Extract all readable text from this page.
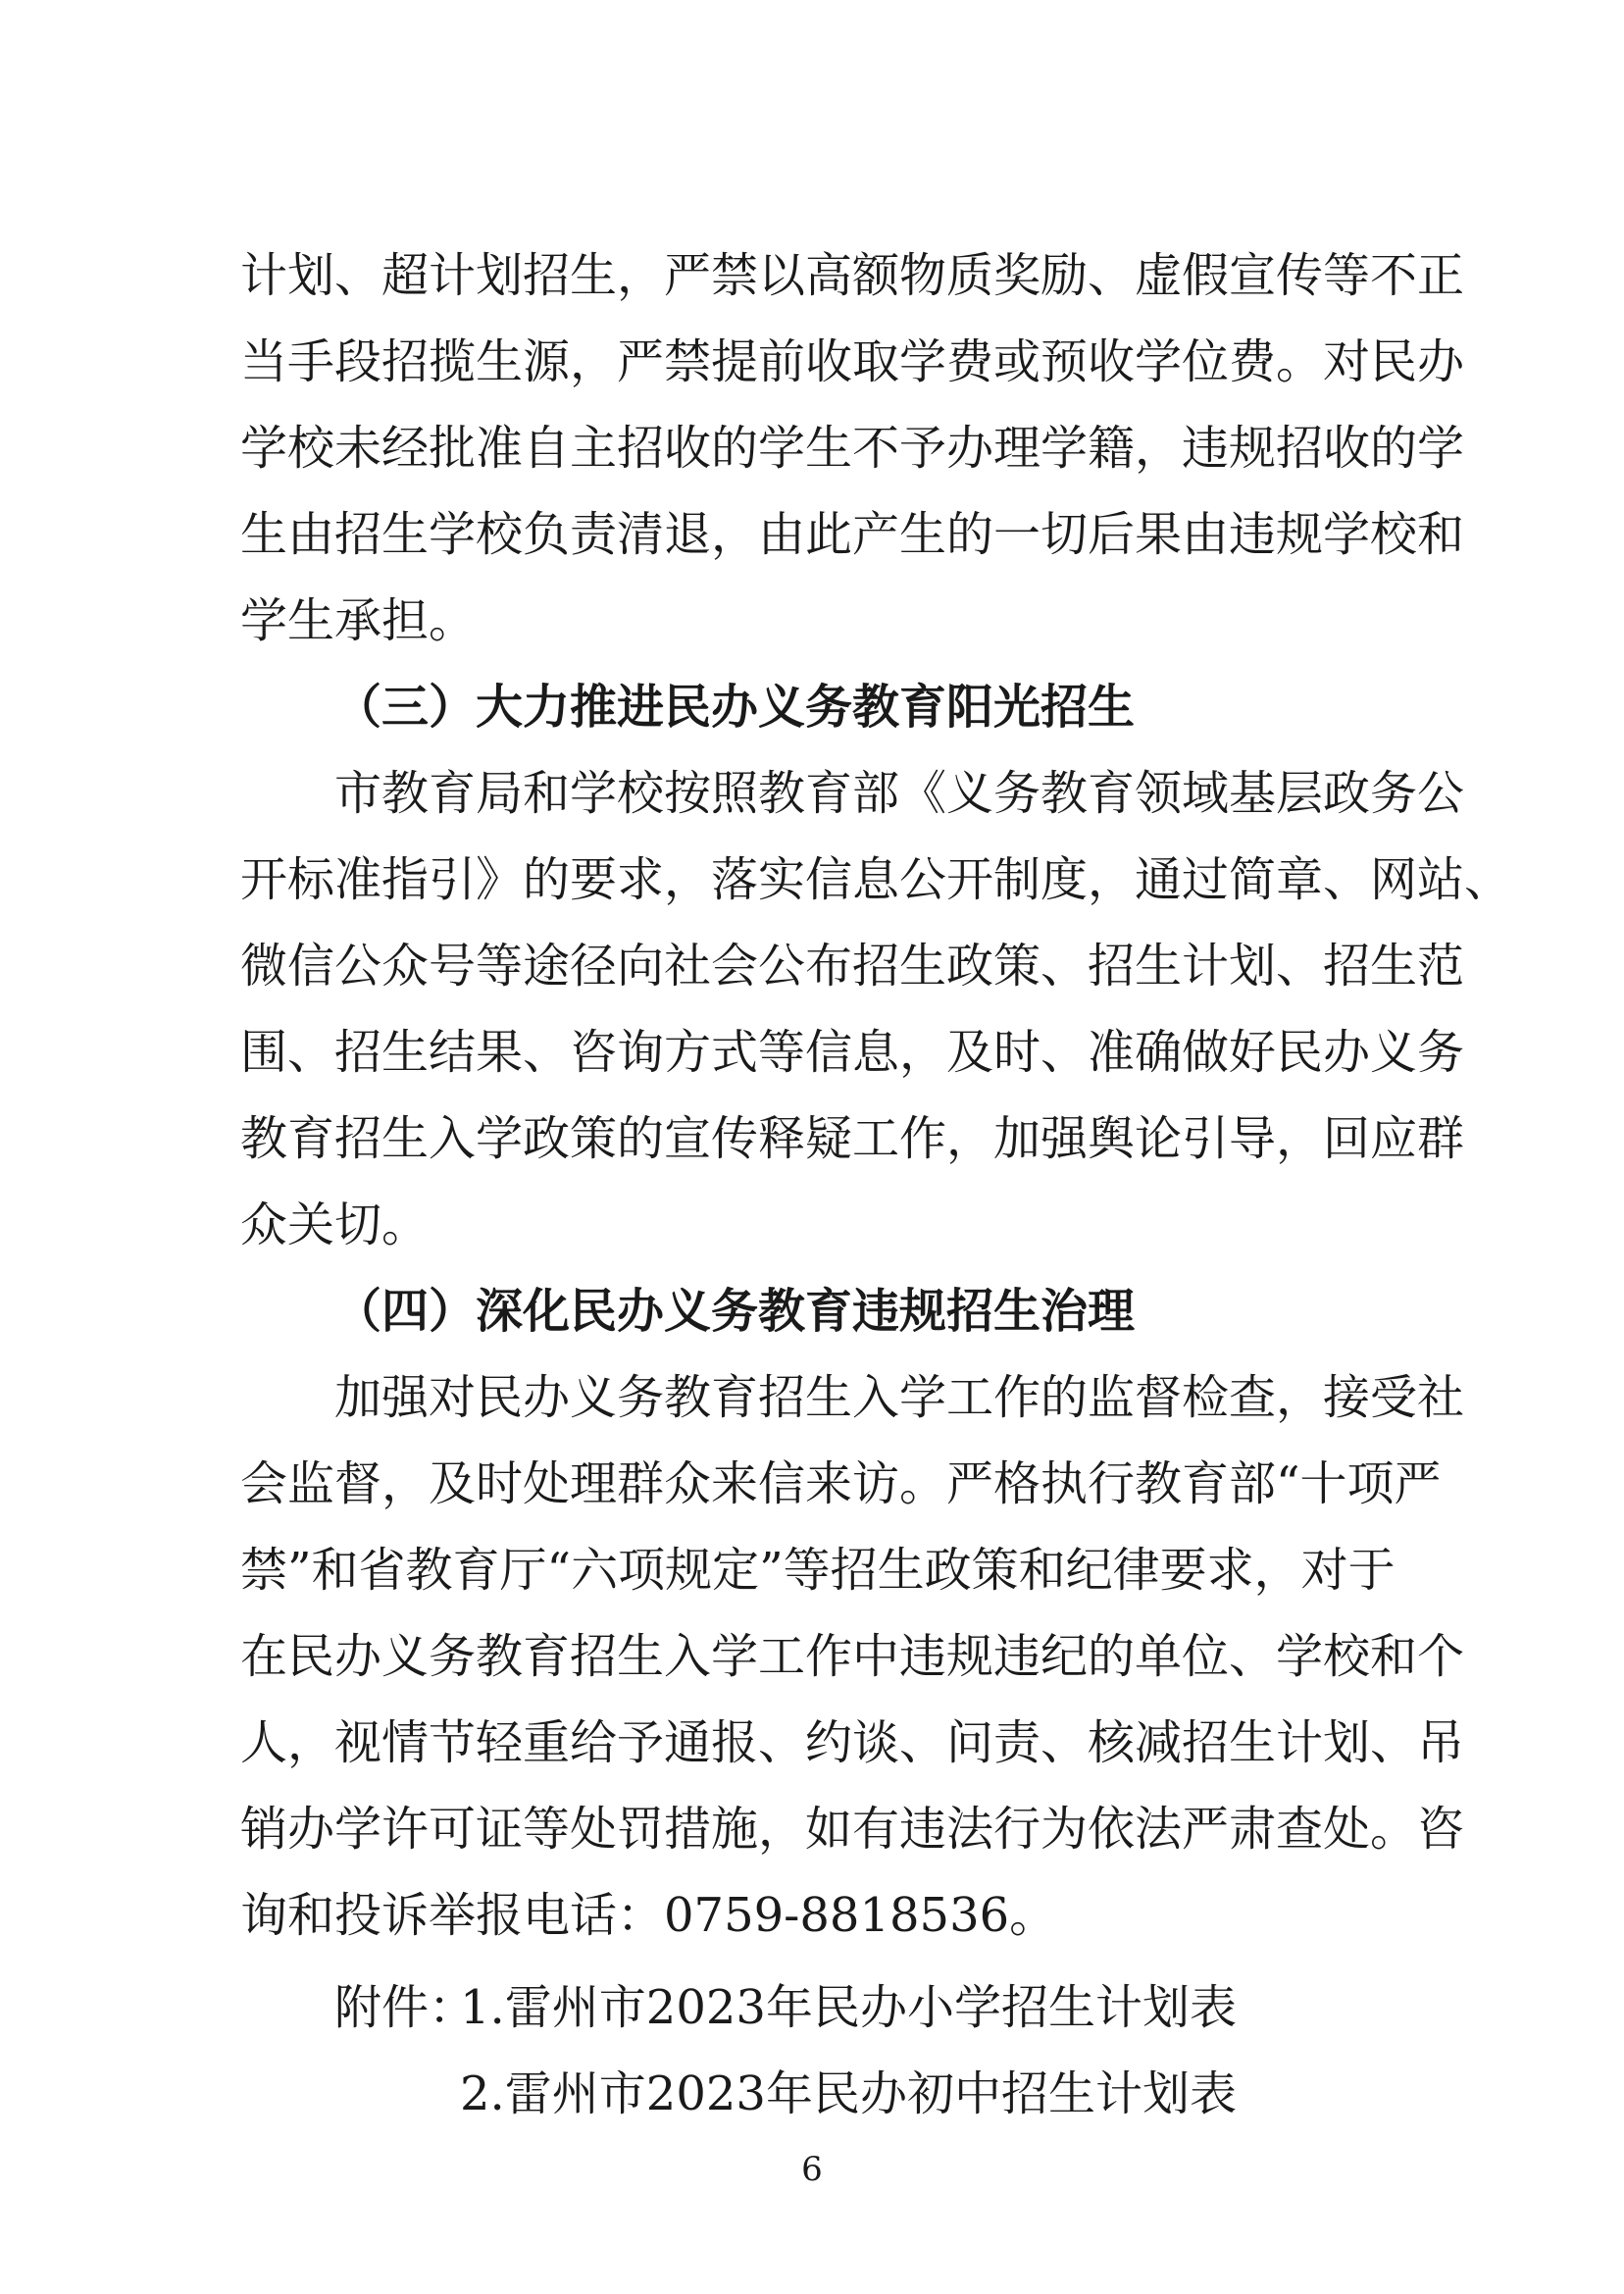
计划、超计划招生，严禁以高额物质奖励、虚假宣传等不正
当手段招揽生源，严禁提前收取学费或预收学位费。对民办
学校未经批准自主招收的学生不予办理学籍，违规招收的学
生由招生学校负责清退，由此产生的一切后果由违规学校和
学生承担。
（三）大力推进民办义务教育阳光招生
市教育局和学校按照教育部《义务教育领域基层政务公
开标准指引》的要求，落实信息公开制度，通过简章、网站、
微信公众号等途径向社会公布招生政策、招生计划、招生范
围、招生结果、咨询方式等信息，及时、准确做好民办义务
教育招生入学政策的宣传释疑工作，加强舆论引导，回应群
众关切。
（四）深化民办义务教育违规招生治理
加强对民办义务教育招生入学工作的监督检查，接受社
会监督，及时处理群众来信来访。严格执行教育部“十项严
禁”和省教育厅“六项规定”等招生政策和纪律要求，对于
在民办义务教育招生入学工作中违规违纪的单位、学校和个
人，视情节轻重给予通报、约谈、问责、核减招生计划、吊
销办学许可证等处罚措施，如有违法行为依法严肃查处。咨
询和投诉举报电话：0759-8818536。
附件：
1.雷州市2023年民办小学招生计划表
2.雷州市2023年民办初中招生计划表
6
